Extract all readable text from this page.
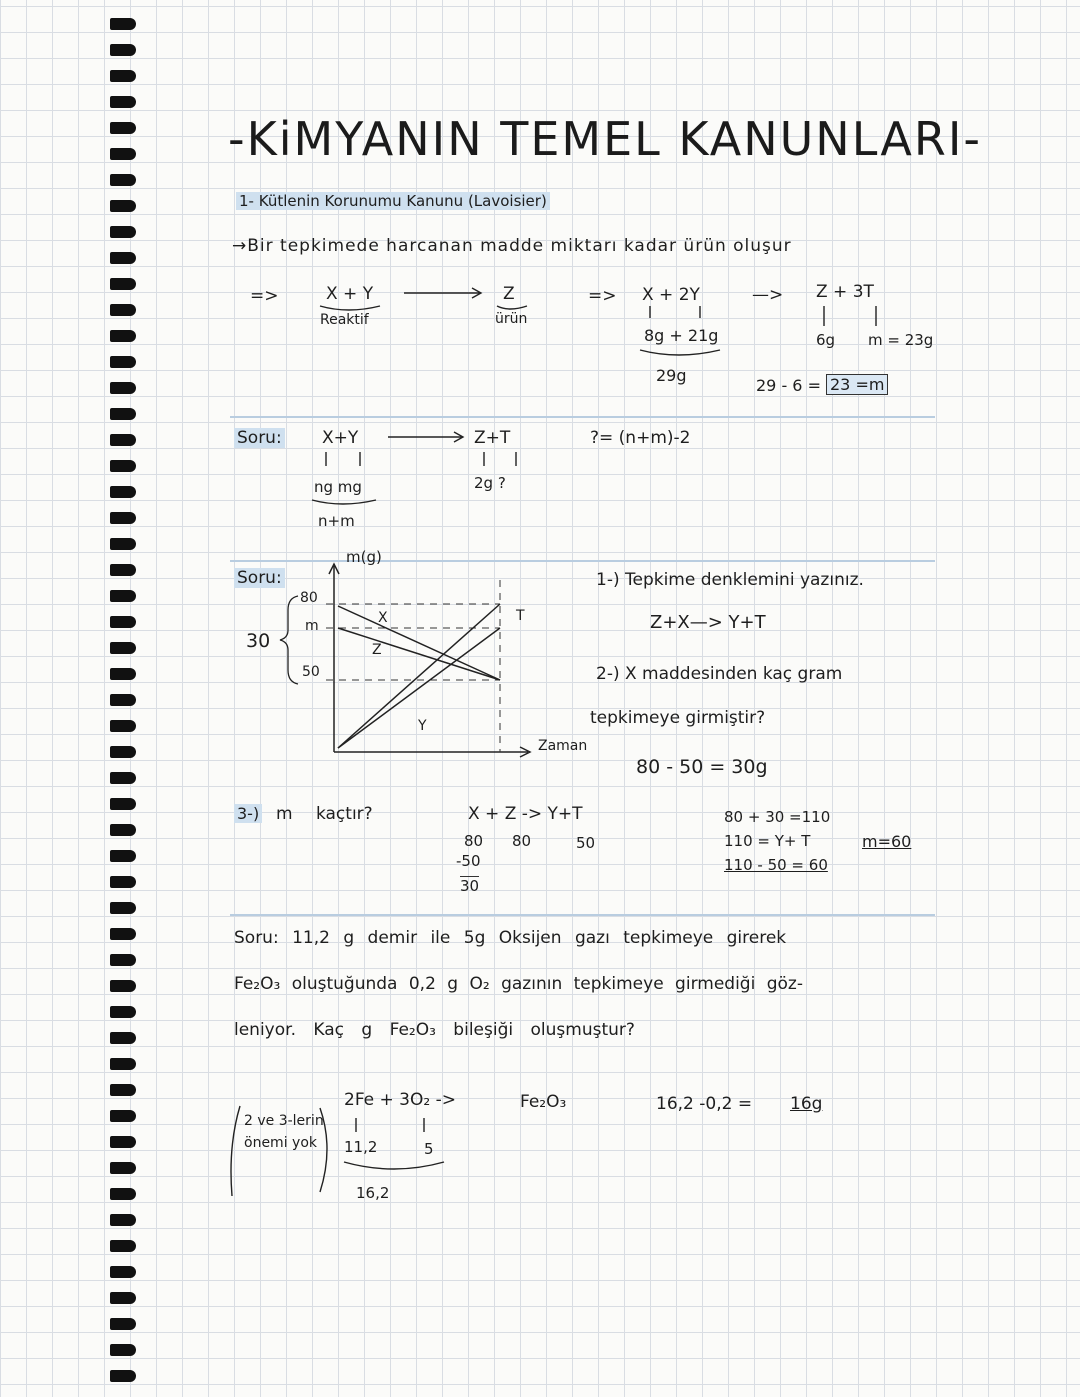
-KiMYANIN TEMEL KANUNLARI-
1- Kütlenin Korunumu Kanunu (Lavoisier)
→Bir tepkimede harcanan madde miktarı kadar ürün oluşur
=>	X + Y
Reaktif
Z
ürün
=> X + 2Y
8g + 21g
29g
—> Z + 3T
6g m = 23g
29 - 6 = 23 =m
Soru: X+Y
ng mg
n+m
Z+T
2g ?
?= (n+m)-2
Soru:
m(g)
80
m
50
30
Zaman
X
Z
Y
T
1-) Tepkime denklemini yazınız.
Z+X—> Y+T
2-) X maddesinden kaç gram
tepkimeye girmiştir?
80 - 50 = 30g
3-) m kaçtır?	X + Z -> Y+T
80 80	50
-50
30
80 + 30 =110
110 = Y+ T
110 - 50 = 60
m=60
Soru: 11,2 g demir ile 5g Oksijen gazı tepkimeye girerek
Fe₂O₃ oluştuğunda 0,2 g O₂ gazının tepkimeye girmediği göz-
leniyor. Kaç g Fe₂O₃ bileşiği oluşmuştur?
2Fe + 3O₂ ->	Fe₂O₃
11,2	5
16,2
2 ve 3-lerin önemi yok
16,2 -0,2 = 16g
